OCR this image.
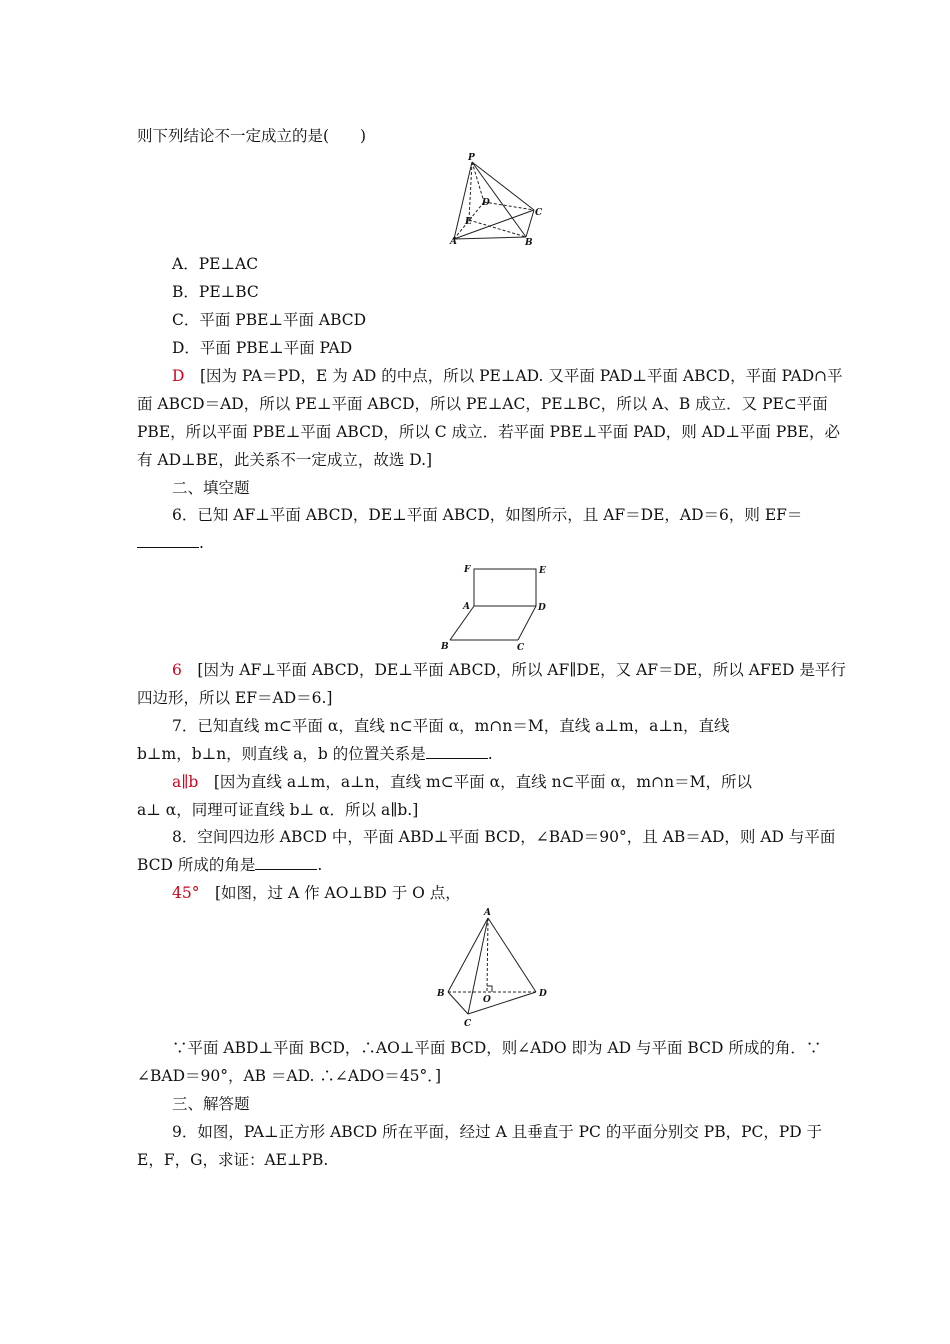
则下列结论不一定成立的是(　　)
P
D
C
E
A	B
A．PE⊥AC
B．PE⊥BC
C．平面 PBE⊥平面 ABCD
D．平面 PBE⊥平面 PAD
D　 [因为 PA＝PD，E 为 AD 的中点，所以 PE⊥AD. 又平面 PAD⊥平面 ABCD，平面 PAD∩平
面 ABCD＝AD，所以 PE⊥平面 ABCD，所以 PE⊥AC，PE⊥BC，所以 A、B 成立．又 PE⊂平面
PBE，所以平面 PBE⊥平面 ABCD，所以 C 成立．若平面 PBE⊥平面 PAD，则 AD⊥平面 PBE，必
有 AD⊥BE，此关系不一定成立，故选 D.]
二、填空题
6．已知 AF⊥平面 ABCD，DE⊥平面 ABCD，如图所示，且 AF＝DE，AD＝6，则 EF＝
.
F	E
A	D
B	C
6　 [因为 AF⊥平面 ABCD，DE⊥平面 ABCD，所以 AF∥DE，又 AF＝DE，所以 AFED 是平行
四边形，所以 EF＝AD＝6.]
7．已知直线 m⊂平面 α，直线 n⊂平面 α，m∩n＝M，直线 a⊥m，a⊥n，直线
b⊥m，b⊥n，则直线 a，b 的位置关系是	.
a∥b　 [因为直线 a⊥m，a⊥n，直线 m⊂平面 α，直线 n⊂平面 α，m∩n＝M，所以
a⊥ α，同理可证直线 b⊥ α．所以 a∥b.]
8．空间四边形 ABCD 中，平面 ABD⊥平面 BCD，∠BAD＝90°，且 AB＝AD，则 AD 与平面
BCD 所成的角是	.
45°　 [如图，过 A 作 AO⊥BD 于 O 点，
A
B
O
D
C
∵平面 ABD⊥平面 BCD，∴AO⊥平面 BCD，则∠ADO 即为 AD 与平面 BCD 所成的角．∵
∠BAD＝90°，AB ＝AD. ∴∠ADO＝45°．]
三、解答题
9．如图，PA⊥正方形 ABCD 所在平面，经过 A 且垂直于 PC 的平面分别交 PB，PC，PD 于
E，F，G，求证：AE⊥PB.
